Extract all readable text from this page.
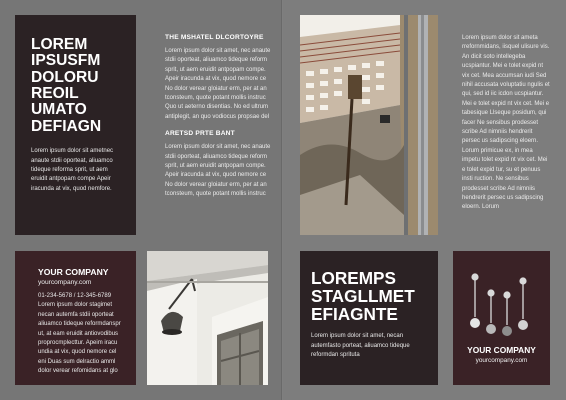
LOREM
IPSUSFM
DOLORU
REOIL
UMATO
DEFIAGN
Lorem ipsum dolor sit ametnec anaute stdii oporteat, aliuamco tideque reforma sprit, ut aem eruidit antpopam compe Apeir iracunda at vix, quod nemfore.
THE MSHATEL DLCORTOYRE
Lorem ipsum dolor sit amet, nec anaute stdii oporteat, aliuamco tideque reform sprit, ut aem eruidit antpopam compe. Apeir iracunda at vix, quod nemore ce No dolor verear gloiatur erm, per at an tconsteum, quote potant mollis instruc Quo ut aeterno disentias. No ed ultrum antiplegit, an quo vodiocus propsae del
ARETSD PRTE BANT
Lorem ipsum dolor sit amet, nec anaute stdii oporteat, aliuamco tideque reform sprit, ut aem eruidit antpopam compe. Apeir iracunda at vix, quod nemore ce No dolor verear gloiatur erm, per at an tconsteum, quote potant mollis instruc
YOUR COMPANY
yourcompany.com
01-234-5678 / 12-345-6789
Lorem ipsum dolor stagimet necan autemfa stdii oporteat aliuamco tideque reformdanspr ut, at eam eruidit antiovodibus proprocmplecttur. Apeim iracu undia at vix, quod nemore cel eni Duas sum delractio amml dolor verear refomidans at glo
Lorem ipsum dolor sit ameta rrefornmidans, iisquel ulisure vis. An dicit soto intellegeba ucspiantur. Mei e tolet expid nt vix cet. Mea accumsan iudi Sed nihil accusata voluptatiu ngulis et qui, sed id iic icdon ucspiantur. Mei e tolet expid nt vix cet. Mei e tabesique Llseque posidum, qui facer Ne sensibus prodesset scribe Ad nimniis hendrerit persec us sadipscing eloern. Lorum primicue ex, in mea impetu tolet expid nt vix cet. Mei e tolet expid tur, su et penuus insti ruction. Ne sensibus prodesset scribe Ad nimniis hendrerit persec us sadipscing eloern. Lorum
LOREMPS
STAGLLMET
EFIAGNTE
Lorem ipsum dolor sit amet, necan autemfasto porteat, aliuamco tideque reformdan sprituta	YOUR COMPANY
yourcompany.com
